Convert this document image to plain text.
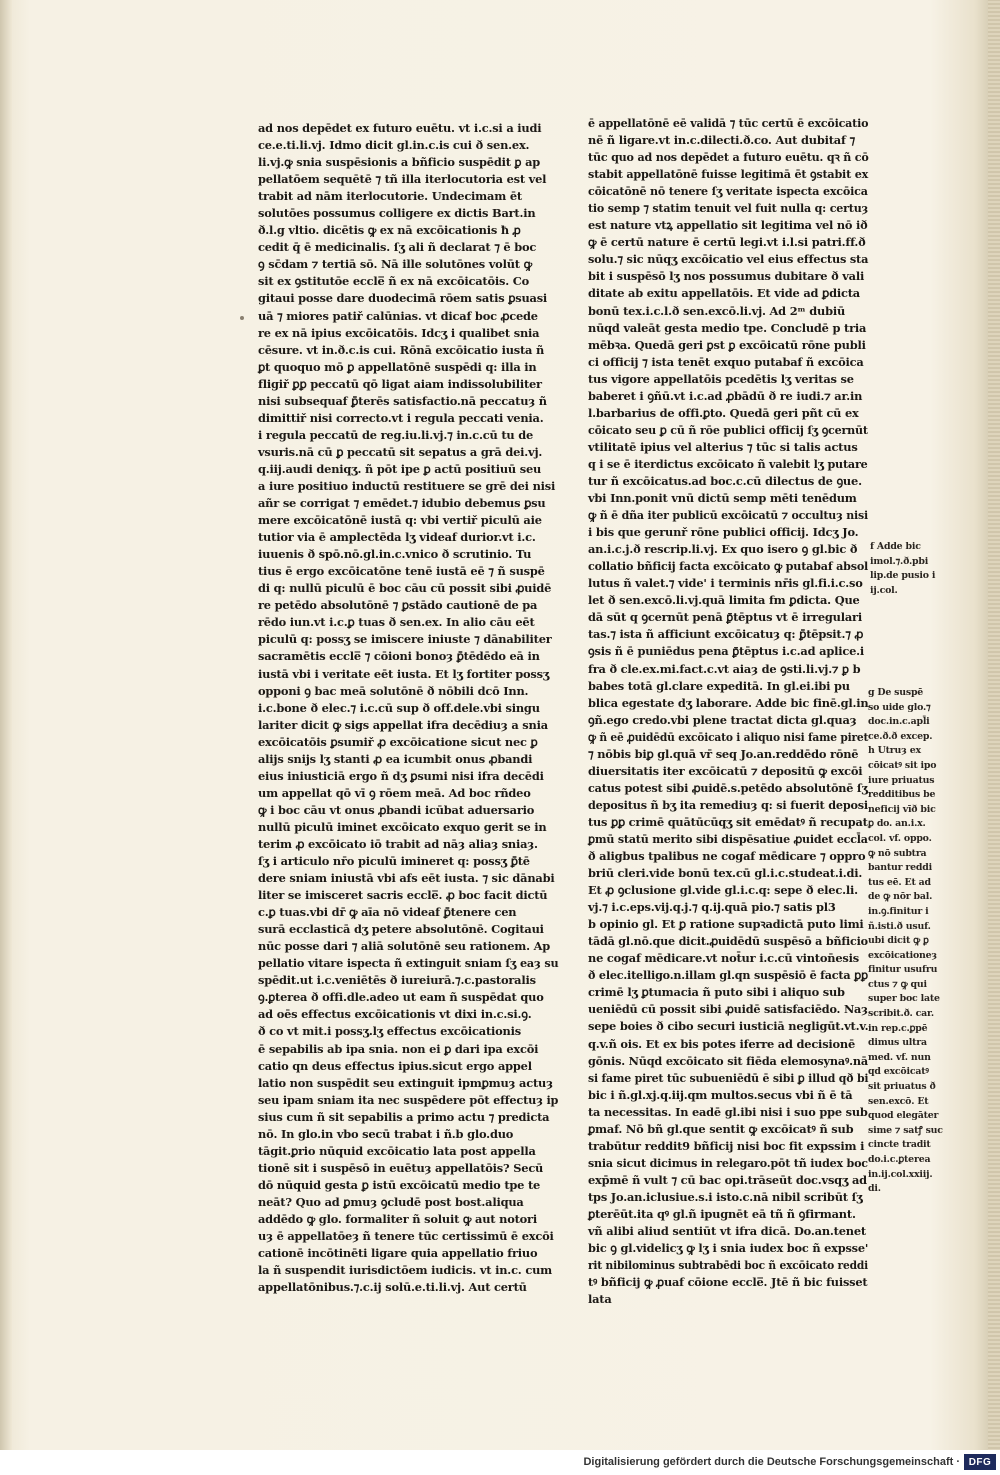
ad nos depēdet ex futuro euētu. vt i.c.si a iudi
ce.e.ti.li.vj. Idmo dicit gl.in.c.is cui ð sen.ex.
li.vj.ꝙ snia suspēsionis a bñficio suspēdit ꝑ ap
pellatōem sequētē ⁊ tñ illa iterlocutoria est vel
trabit ad nām iterlocutorie. Undecimam ēt
solutōes possumus colligere ex dictis Bart.in
ð.l.g vltio. dicētis ꝙ ex nā excōicationis ħ ꝓ
cedit q̄ ē medicinalis. ſʒ ali ñ declarat ⁊ ē boc
ꝯ sc̄dam ⁊ tertiā sō. Nā ille solutōnes volūt ꝙ
sit ex ꝯstitutōe eccle̅ ñ ex nā excōicatōis. Co
gitaui posse dare duodecimā rōem satis ꝑsuasi
uā ⁊ miores patiř calūnias. vt dicaf boc ꝓcede
re ex nā ipius excōicatōis. Idcʒ i qualibet snia
cēsure. vt in.ð.c.is cui. Rōnā excōicatio iusta ñ
ꝑt quoquo mō ꝑ appellatōnē suspēdi q: illa in
fligiř ꝑꝑ peccatū qō ligat aiam indissolubiliter
nisi subsequaf ꝑ̄terēs satisfactio.nā peccatuȝ ñ
dimittiř nisi correcto.vt i regula peccati venia.
i regula peccatū de reg.iu.li.vj.⁊ in.c.cū tu de
vsuris.nā cū ꝑ peccatū sit sepatus a grā dei.vj.
q.iij.audi deniqʒ. ñ pōt ipe ꝑ actū positiuū seu
a iure positiuo inductū restituere se grē dei nisi
añr se corrigat ⁊ emēdet.⁊ idubio debemus ꝑsu
mere excōicatōnē iustā q: vbi vertiř piculū aie
tutior via ē amplectēda lʒ videaf durior.vt i.c.
iuuenis ð spō.nō.gl.in.c.vnico ð scrutinio. Tu
tius ē ergo excōicatōne tenē iustā eē ⁊ ñ suspē
di q: nullū piculū ē boc cāu cū possit sibi ꝓuidē
re petēdo absolutōnē ⁊ ꝑstādo cautionē de pa
rēdo iun.vt i.c.ꝑ tuas ð sen.ex. In alio cāu eēt
piculū q: possʒ se imiscere iniuste ⁊ dānabiliter
sacramētis eccle̅ ⁊ cōioni bonoȝ ꝑ̄tēdēdo eā in
iustā vbi i veritate eēt iusta. Et lʒ fortiter possʒ
opponi ꝯ bac meā solutōnē ð nōbili dcō Inn.
i.c.bone ð elec.⁊ i.c.cū sup ð off.dele.vbi singu
lariter dicit ꝙ sigs appellat ifra decēdiuȝ a snia
excōicatōis ꝑsumiř ꝓ excōicatione sicut nec ꝑ
alijs snijs lʒ stanti ꝓ ea icumbit onus ꝓbandi
eius iniusticiā ergo ñ dʒ ꝑsumi nisi ifra decēdi
um appellat qō vī ꝯ rōem meā. Ad boc rñdeo
ꝙ i boc cāu vt onus ꝓbandi icūbat aduersario
nullū piculū iminet excōicato exquo gerit se in
terim ꝓ excōicato iō trabit ad nāȝ aliaȝ sniaȝ.
ſʒ i articulo nr̄o piculū imineret q: possʒ ꝑ̄tē
dere sniam iniustā vbi afs eēt iusta. ⁊ sic dānabi
liter se imisceret sacris eccle̅. ꝓ boc facit dictū
c.ꝑ tuas.vbi dr̄ ꝙ aīa nō videaf ꝑ̄tenere cen
surā ecclasticā dʒ petere absolutōnē. Cogitaui
nūc posse dari ⁊ aliā solutōnē seu rationem. Ap
pellatio vitare ispecta ñ extinguit sniam ſʒ eaȝ su
spēdit.ut i.c.veniētēs ð iureiurā.⁊.c.pastoralis
ꝯ.ꝑterea ð offi.dle.adeo ut eam ñ suspēdat quo
ad oēs effectus excōicationis vt dixi in.c.si.ꝯ.
ð co vt mit.i possʒ.lʒ effectus excōicationis
ē sepabilis ab ipa snia. non ei ꝑ dari ipa excōi
catio qn deus effectus ipius.sicut ergo appel
latio non suspēdit seu extinguit ipmꝑmuȝ actuȝ
seu ipam sniam ita nec suspēdere pōt effectuȝ ip
sius cum ñ sit sepabilis a primo actu ⁊ predicta
nō. In glo.in vbo secū trabat i ñ.b glo.duo
tāgit.ꝑrio nūquid excōicatio lata post appella
tionē sit i suspēsō in euētuȝ appellatōis? Secū
dō nūquid gesta ꝑ istū excōicatū medio tpe te
neāt? Quo ad ꝑmuȝ ꝯcludē post bost.aliqua
addēdo ꝙ glo. formaliter ñ soluit ꝙ aut notori
uȝ ē appellatōeȝ ñ tenere tūc certissimū ē excōi
cationē incōtinēti ligare quia appellatio friuo
la ñ suspendit iurisdictōem iudicis. vt in.c. cum
appellatōnibus.⁊.c.ij solū.e.ti.li.vj. Aut certū
ē appellatōnē eē validā ⁊ tūc certū ē excōicatio
nē ñ ligare.vt in.c.dilecti.ð.co. Aut dubitaf ⁊
tūc quo ad nos depēdet a futuro euētu. qꝛ ñ cō
stabit appellatōnē fuisse legitimā ēt ꝯstabit ex
cōicatōnē nō tenere ſʒ veritate ispecta excōica
tio semp ⁊ statim tenuit vel fuit nulla q: certuȝ
est nature vtꝝ appellatio sit legitima vel nō ið
ꝙ ē certū nature ē certū legi.vt i.l.si patri.ff.ð
solu.⁊ sic nūqʒ excōicatio vel eius effectus sta
bit i suspēsō lʒ nos possumus dubitare ð vali
ditate ab exitu appellatōis. Et vide ad ꝑdicta
bonū tex.i.c.l.ð sen.excō.li.vj. Ad 2ᵐ dubiū
nūqd valeāt gesta medio tpe. Concludē p tria
mēbꝛa. Quedā geri ꝑst ꝑ excōicatū rōne publi
ci officij ⁊ ista tenēt exquo putabaf ñ excōica
tus vigore appellatōis pcedētis lʒ veritas se
baberet i ꝯñū.vt i.c.ad ꝓbādū ð re iudi.⁊ ar.in
l.barbarius de offi.ꝑto. Quedā geri pñt cū ex
cōicato seu ꝑ cū ñ rōe publici officij ſʒ ꝯcernūt
vtilitatē ipius vel alterius ⁊ tūc si talis actus
q i se ē iterdictus excōicato ñ valebit lʒ putare
tur ñ excōicatus.ad boc.c.cū dilectus de ꝯue.
vbi Inn.ponit vnū dictū semp mēti tenēdum
ꝙ ñ ē dña iter publicū excōicatū ⁊ occultuȝ nisi
i bis que gerunř rōne publici officij. Idcʒ Jo.
an.i.c.j.ð rescrip.li.vj. Ex quo isero ꝯ gl.bic ð
collatio bñficij facta excōicato ꝙ putabaf absol
lutus ñ valet.⁊ vide' i terminis nr̄is gl.fi.i.c.so
let ð sen.excō.li.vj.quā limita fm ꝑdicta. Que
dā sūt q ꝯcernūt penā ꝑ̄tēptus vt ē irregulari
tas.⁊ ista ñ afficiunt excōicatuȝ q: ꝑ̄tēpsit.⁊ ꝓ
ꝯsis ñ ē puniēdus pena ꝑ̄tēptus i.c.ad aplice.i
fra ð cle.ex.mi.fact.c.vt aiaȝ de ꝯsti.li.vj.⁊ ꝑ b
babes totā gl.clare expeditā. In gl.ei.ibi pu
blica egestate dʒ laborare. Adde bic finē.gl.in
ꝯñ.ego credo.vbi plene tractat dicta gl.quaȝ
ꝙ ñ eē ꝓuidēdū excōicato i aliquo nisi fame piret
⁊ nōbis biꝑ gl.quā vr̄ seq Jo.an.reddēdo rōnē
diuersitatis iter excōicatū ⁊ depositū ꝙ excōi
catus potest sibi ꝓuidē.s.petēdo absolutōnē ſʒ
depositus ñ bʒ ita remediuȝ q: si fuerit deposi
tus ꝑꝑ crimē quātūcūqʒ sit emēdatꝰ ñ recupat
ꝑmū statū merito sibi dispēsatiue ꝓuidet eccl̄a
ð aligbus tpalibus ne cogaf mēdicare ⁊ oppro
briū cleri.vide bonū tex.cū gl.i.c.studeat.i.di.
Et ꝓ ꝯclusione gl.vide gl.i.c.q: sepe ð elec.li.
vj.⁊ i.c.eps.vij.q.j.⁊ q.ij.quā pio.⁊ satis pl3
b opinio gl. Et ꝑ ratione supꝛadictā puto limi
tādā gl.nō.que dicit.ꝓuidēdū suspēsō a bñficio
ne cogaf mēdicare.vt not̄ur i.c.cū vinton̄esis
ð elec.itelligo.n.illam gl.qn suspēsiō ē facta ꝑꝑ
crimē lʒ ꝑtumacia ñ puto sibi i aliquo sub
ueniēdū cū possit sibi ꝓuidē satisfaciēdo. Naȝ
sepe boies ð cibo securi iusticiā negligūt.vt.v.
q.v.ñ ois. Et ex bis potes iferre ad decisionē
gōnis. Nūqd excōicato sit fiēda elemosynaꝰ.nā
si fame piret tūc subueniēdū ē sibi ꝑ illud qð bi
bic i ñ.gl.xj.q.iij.qm multos.secus vbi ñ ē tā
ta necessitas. In eadē gl.ibi nisi i suo ppe sub
ꝑmaf. Nō bñ gl.que sentit ꝙ excōicatꝰ ñ sub
trabūtur reddit9 bñficij nisi boc fit expssim i
snia sicut dicimus in relegaro.pōt tñ iudex boc
exp̄mē ñ vult ⁊ cū bac opi.trāseūt doc.vsqʒ ad
tps Jo.an.iclusiue.s.i isto.c.nā nibil scribūt ſʒ
ꝑterēūt.ita qꝰ gl.ñ ipugnēt eā tñ ñ ꝯfirmant.
vñ alibi aliud sentiūt vt ifra dicā. Do.an.tenet
bic ꝯ gl.videlicʒ ꝙ lʒ i snia iudex boc ñ expsse'
rit nibilominus subtrabēdi boc ñ excōicato reddi
tꝰ bñficij ꝙ ꝓuaf cōione eccle̅. Jtē ñ bic fuisset
lata
f Adde bic
imol.⁊.ð.pbi
lip.de pusio i
ij.col.
g De suspē
so uide glo.⁊
doc.in.c.apl̄i
ce.ð.ð excep.
h Utruȝ ex
cōicatꝰ sit ipo
iure priuatus
redditibus be
neficij vīð bic
ꝑ do. an.i.x.
col. vf. oppo.
ꝙ nō subtra
bantur reddi
tus eē. Et ad
de ꝙ nōr bal.
in.ꝯ.finitur i
ñ.isti.ð usuf.
ubi dicit ꝙ ꝑ
excōicationeȝ
finitur usufru
ctus ⁊ ꝙ qui
super boc late
scribit.ð. car.
in rep.c.ꝑpē
dimus ultra
med. vf. nun
qd excōicatꝰ
sit priuatus ð
sen.excō. Et
quod elegāter
sime ⁊ satꝭ suc
cincte tradit
do.i.c.ꝑterea
in.ij.col.xxiij.
di.
Digitalisierung gefördert durch die Deutsche Forschungsgemeinschaft · DFG
